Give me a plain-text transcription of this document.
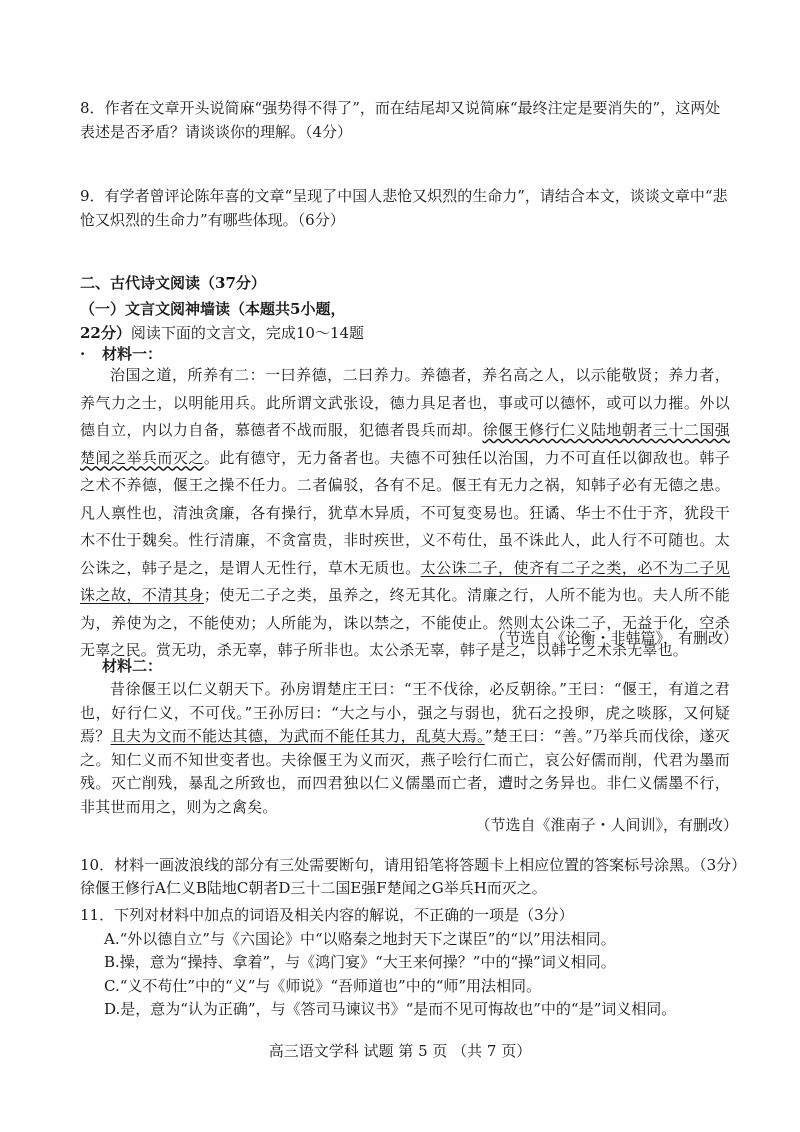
8．作者在文章开头说简麻“强势得不得了”，而在结尾却又说简麻“最终注定是要消失的”，这两处表述是否矛盾？请谈谈你的理解。（4分）
9．有学者曾评论陈年喜的文章“呈现了中国人悲怆又炽烈的生命力”，请结合本文，谈谈文章中“悲怆又炽烈的生命力”有哪些体现。（6分）
二、古代诗文阅读（37分）
（一）文言文阅神墙读（本题共5小题，
22分）阅读下面的文言文，完成10～14题
· 材料一：
治国之道，所养有二：一曰养德，二曰养力。养德者，养名高之人，以示能敬贤；养力者，养气力之士，以明能用兵。此所谓文武张设，德力具足者也，事或可以德怀，或可以力摧。外以德自立，内以力自备，慕德者不战而服，犯德者畏兵而却。徐偃王修行仁义陆地朝者三十二国强楚闻之举兵而灭之。此有德守，无力备者也。夫德不可独任以治国，力不可直任以御敌也。韩子之术不养德，偃王之操不任力。二者偏驳，各有不足。偃王有无力之祸，知韩子必有无德之患。凡人禀性也，清浊贪廉，各有操行，犹草木异质，不可复变易也。狂谲、华士不仕于齐，犹段干木不仕于魏矣。性行清廉，不贪富贵，非时疾世，义不苟仕，虽不诛此人，此人行不可随也。太公诛之，韩子是之，是谓人无性行，草木无质也。太公诛二子，使齐有二子之类，必不为二子见诛之故，不清其身；使无二子之类，虽养之，终无其化。清廉之行，人所不能为也。夫人所不能为，养使为之，不能使劝；人所能为，诛以禁之，不能使止。然则太公诛二子，无益于化，空杀无辜之民。赏无功，杀无辜，韩子所非也。太公杀无辜，韩子是之，以韩子之术杀无辜也。
（节选自《论衡・非韩篇》，有删改）
材料二：
昔徐偃王以仁义朝天下。孙房谓楚庄王曰：“王不伐徐，必反朝徐。”王曰：“偃王，有道之君也，好行仁义，不可伐。”王孙厉曰：“大之与小，强之与弱也，犹石之投卵，虎之啖豚，又何疑焉？且夫为文而不能达其德，为武而不能任其力，乱莫大焉。”楚王曰：“善。”乃举兵而伐徐，遂灭之。知仁义而不知世变者也。夫徐偃王为义而灭，燕子哙行仁而亡，哀公好儒而削，代君为墨而残。灭亡削残，暴乱之所致也，而四君独以仁义儒墨而亡者，遭时之务异也。非仁义儒墨不行，非其世而用之，则为之禽矣。
（节选自《淮南子・人间训》，有删改）
10．材料一画波浪线的部分有三处需要断句，请用铅笔将答题卡上相应位置的答案标号涂黑。（3分）
徐偃王修行A仁义B陆地C朝者D三十二国E强F楚闻之G举兵H而灭之。
11．下列对材料中加点的词语及相关内容的解说，不正确的一项是（3分）
A.“外以德自立”与《六国论》中“以赂秦之地封天下之谋臣”的“以”用法相同。
B.操，意为“操持、拿着”，与《鸿门宴》“大王来何操？”中的“操”词义相同。
C.“义不苟仕”中的“义”与《师说》“吾师道也”中的“师”用法相同。
D.是，意为“认为正确”，与《答司马谏议书》“是而不见可悔故也”中的“是”词义相同。
高三语文学科 试题 第 5 页 （共 7 页）
